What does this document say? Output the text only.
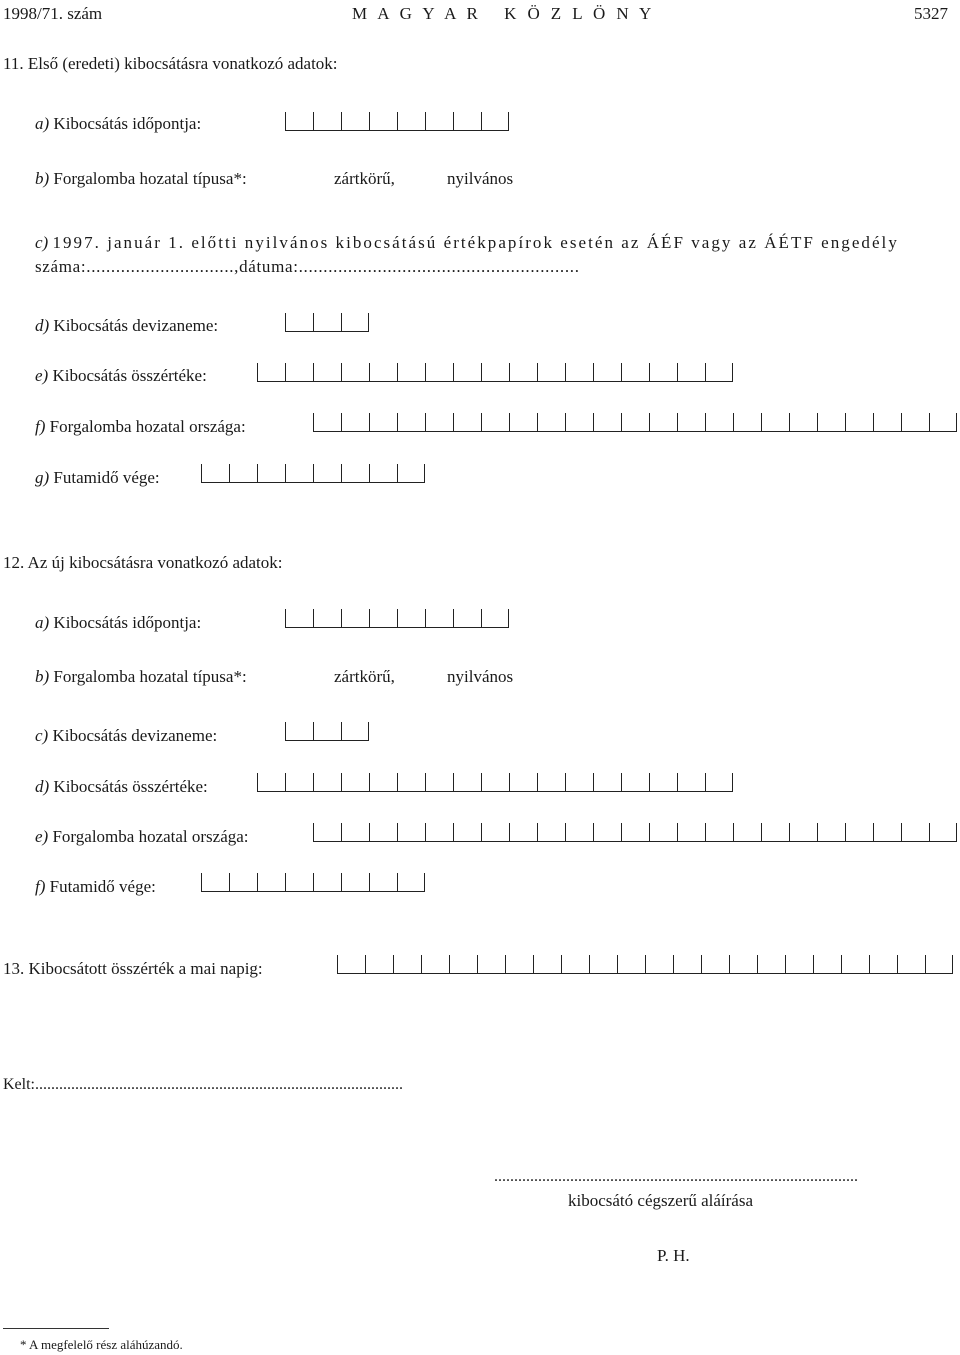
1998/71. szám	M A G Y A R   K Ö Z L Ö N Y	5327
11. Első (eredeti) kibocsátásra vonatkozó adatok:
a) Kibocsátás időpontja:
b) Forgalomba hozatal típusa*:	zártkörű,	nyilvános
c) 1997. január 1. előtti nyilvános kibocsátású értékpapírok esetén az ÁÉF vagy az ÁÉTF engedély
száma:..............................,dátuma:.........................................................
d) Kibocsátás devizaneme:
e) Kibocsátás összértéke:
f) Forgalomba hozatal országa:
g) Futamidő vége:
12. Az új kibocsátásra vonatkozó adatok:
a) Kibocsátás időpontja:
b) Forgalomba hozatal típusa*:	zártkörű,	nyilvános
c) Kibocsátás devizaneme:
d) Kibocsátás összértéke:
e) Forgalomba hozatal országa:
f) Futamidő vége:
13. Kibocsátott összérték a mai napig:
Kelt:............................................................................................
...........................................................................................
kibocsátó cégszerű aláírása
P. H.
* A megfelelő rész aláhúzandó.
